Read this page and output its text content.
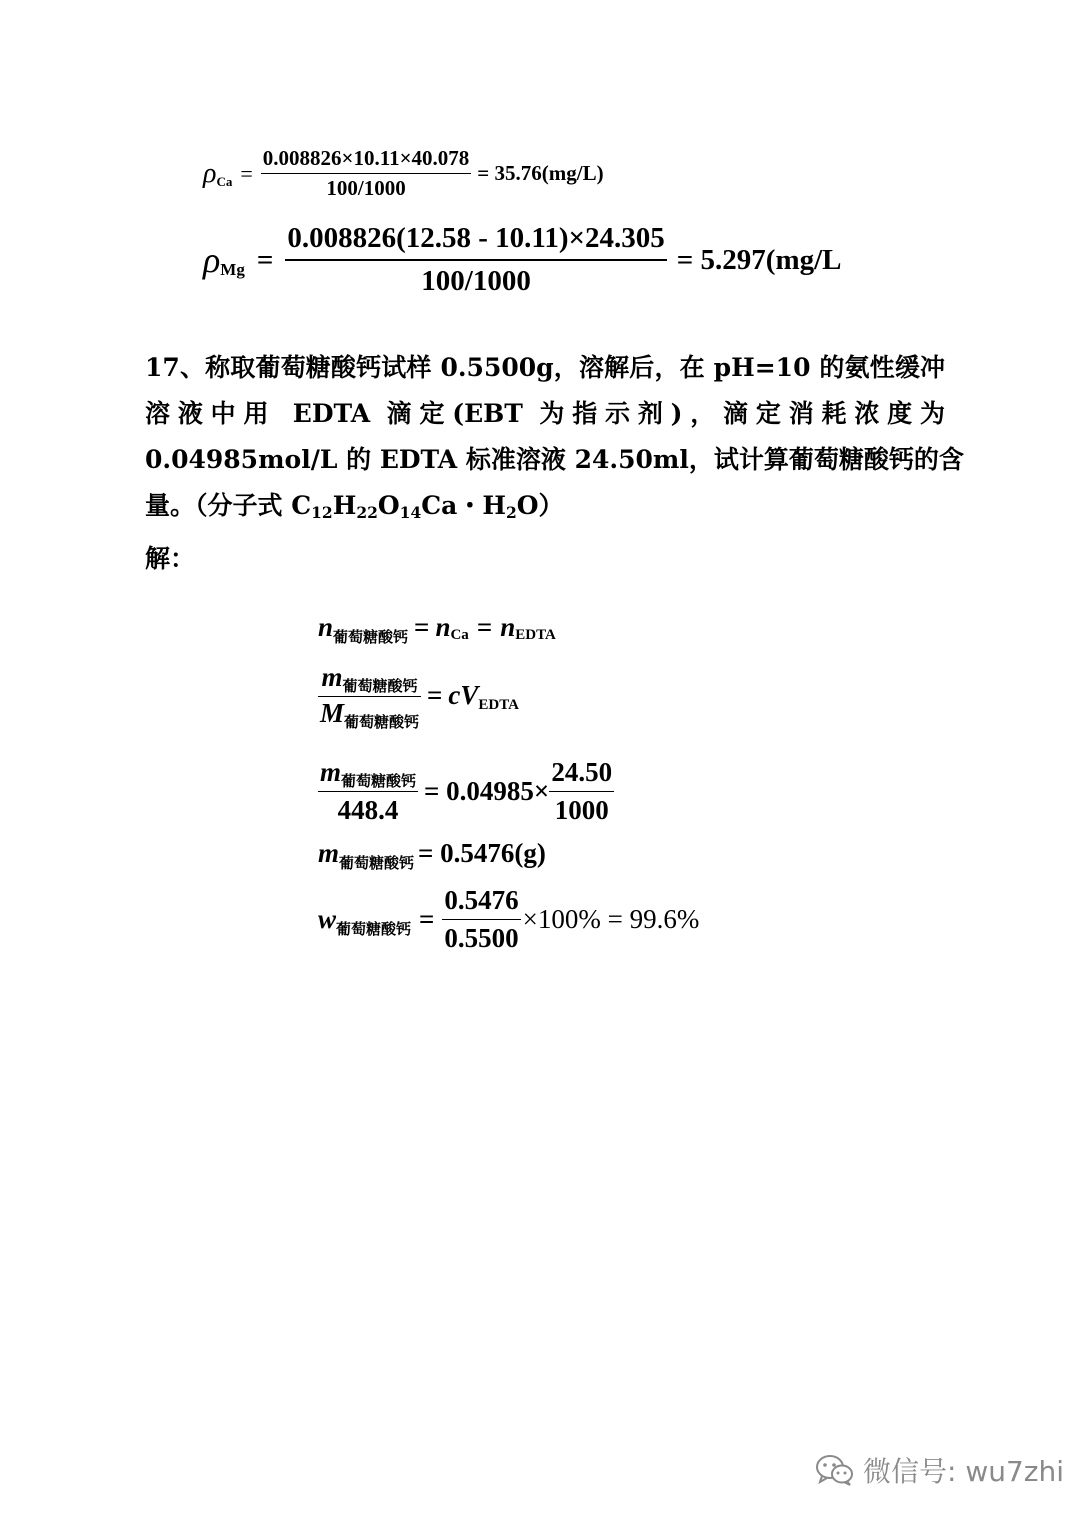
ρ $Ca = \frac{0.008826\times 10.11\times 40.078}{100/1000} = 35.76(mg/L)$
ρ $Mg = \frac{0.008826(12.58 - 10.11)\times 24.305}{100/1000} = 5.297(mg/L$
17、称取葡萄糖酸钙试样 0.5500g，溶解后，在 pH=10 的氨性缓冲
溶液中用 EDTA 滴定(EBT 为指示剂)，滴定消耗浓度为
0.04985mol/L 的 EDTA 标准溶液 24.50ml，试计算葡萄糖酸钙的含
量。（分子式 $C_{12}H_{22}O_{14}Ca$・$H_2O$）
解：
n 葡萄糖酸钙 = n Ca = n EDTA
$\frac{\text{m葡萄糖酸钙}}{\text{M葡萄糖酸钙}}$ = cV EDTA
$\frac{\text{m葡萄糖酸钙}}{448.4} = 0.04985\times \frac{24.50}{1000}$
m 葡萄糖酸钙 = 0.5476(g)
w 葡萄糖酸钙 = $\frac{0.5476}{0.5500} \times 100\% = 99.6\%$
微信号: wu7zhi
